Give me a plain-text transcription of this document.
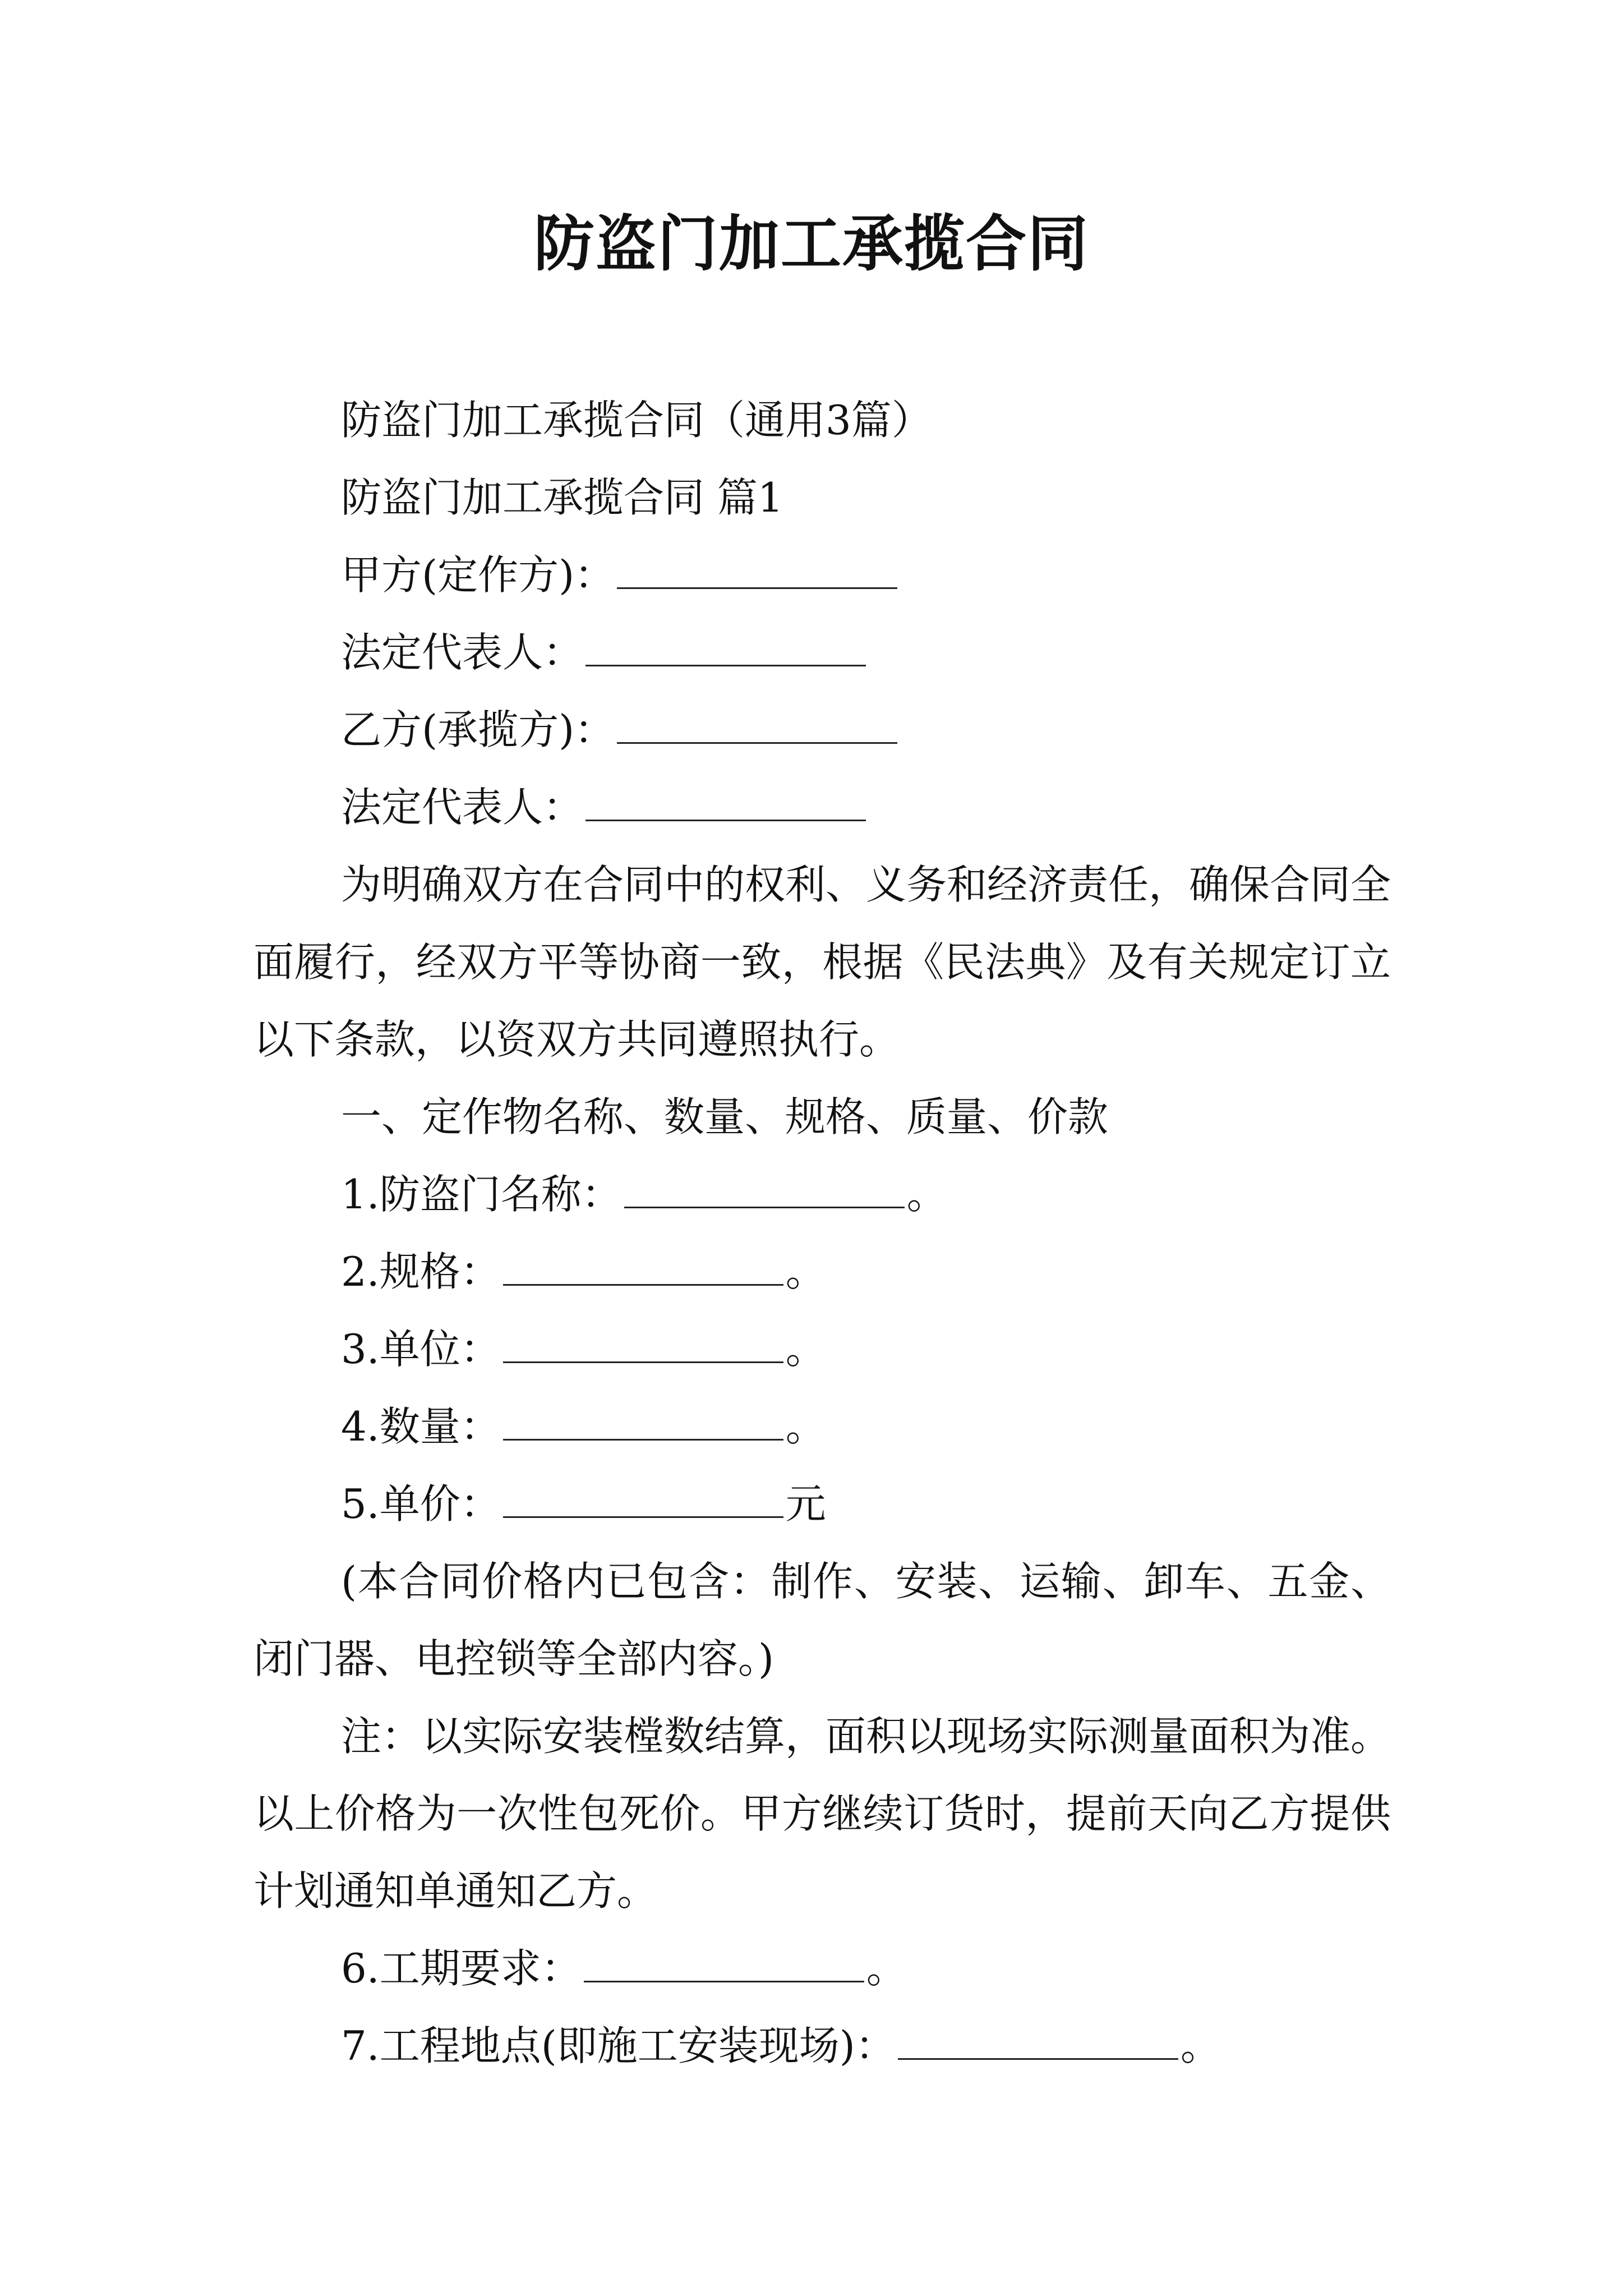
防盗门加工承揽合同

防盗门加工承揽合同（通用3篇）

防盗门加工承揽合同 篇1

甲方(定作方)：

法定代表人：

乙方(承揽方)：

法定代表人：

为明确双方在合同中的权利、义务和经济责任，确保合同全面履行，经双方平等协商一致，根据《民法典》及有关规定订立以下条款，以资双方共同遵照执行。

一、定作物名称、数量、规格、质量、价款

1.防盗门名称：	。

2.规格：	。

3.单位：	。

4.数量：	。

5.单价：	元

(本合同价格内已包含：制作、安装、运输、卸车、五金、闭门器、电控锁等全部内容。)

注：以实际安装樘数结算，面积以现场实际测量面积为准。以上价格为一次性包死价。甲方继续订货时，提前天向乙方提供计划通知单通知乙方。

6.工期要求：	。

7.工程地点(即施工安装现场)：	。
